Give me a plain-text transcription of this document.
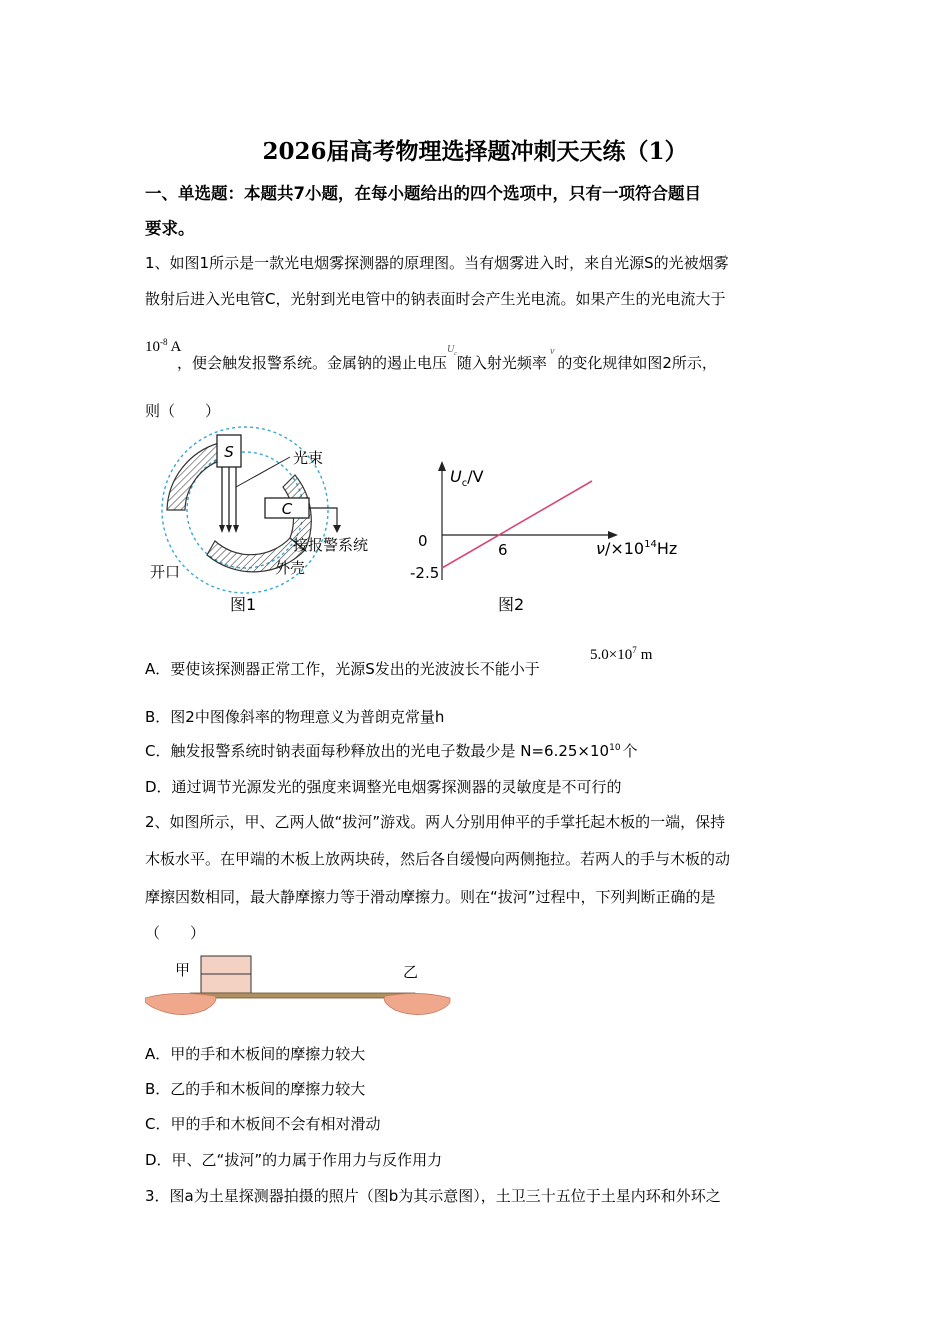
2026届高考物理选择题冲刺天天练（1）
一、单选题：本题共7小题，在每小题给出的四个选项中，只有一项符合题目
要求。
1、如图1所示是一款光电烟雾探测器的原理图。当有烟雾进入时，来自光源S的光被烟雾
散射后进入光电管C，光射到光电管中的钠表面时会产生光电流。如果产生的光电流大于
$10^{-8}$ A
，便会触发报警系统。金属钠的遏止电压$^{U_c}$随入射光频率$^\nu$的变化规律如图2所示，
则（　　）
S	光束
C
接报警系统
开口	外壳
图1
$U_c/V$
0	6
-2.5
$\nu/\times 10^{14}Hz$
图2
A．要使该探测器正常工作，光源S发出的光波波长不能小于
$5.0\times 10^7$ m
B．图2中图像斜率的物理意义为普朗克常量h
C．触发报警系统时钠表面每秒释放出的光电子数最少是 $N=6.25\times 10^{10}$ 个
D．通过调节光源发光的强度来调整光电烟雾探测器的灵敏度是不可行的
2、如图所示，甲、乙两人做“拔河”游戏。两人分别用伸平的手掌托起木板的一端，保持
木板水平。在甲端的木板上放两块砖，然后各自缓慢向两侧拖拉。若两人的手与木板的动
摩擦因数相同，最大静摩擦力等于滑动摩擦力。则在“拔河”过程中，下列判断正确的是
（　　）
甲	乙
A．甲的手和木板间的摩擦力较大
B．乙的手和木板间的摩擦力较大
C．甲的手和木板间不会有相对滑动
D．甲、乙“拔河”的力属于作用力与反作用力
3．图a为土星探测器拍摄的照片（图b为其示意图），土卫三十五位于土星内环和外环之
